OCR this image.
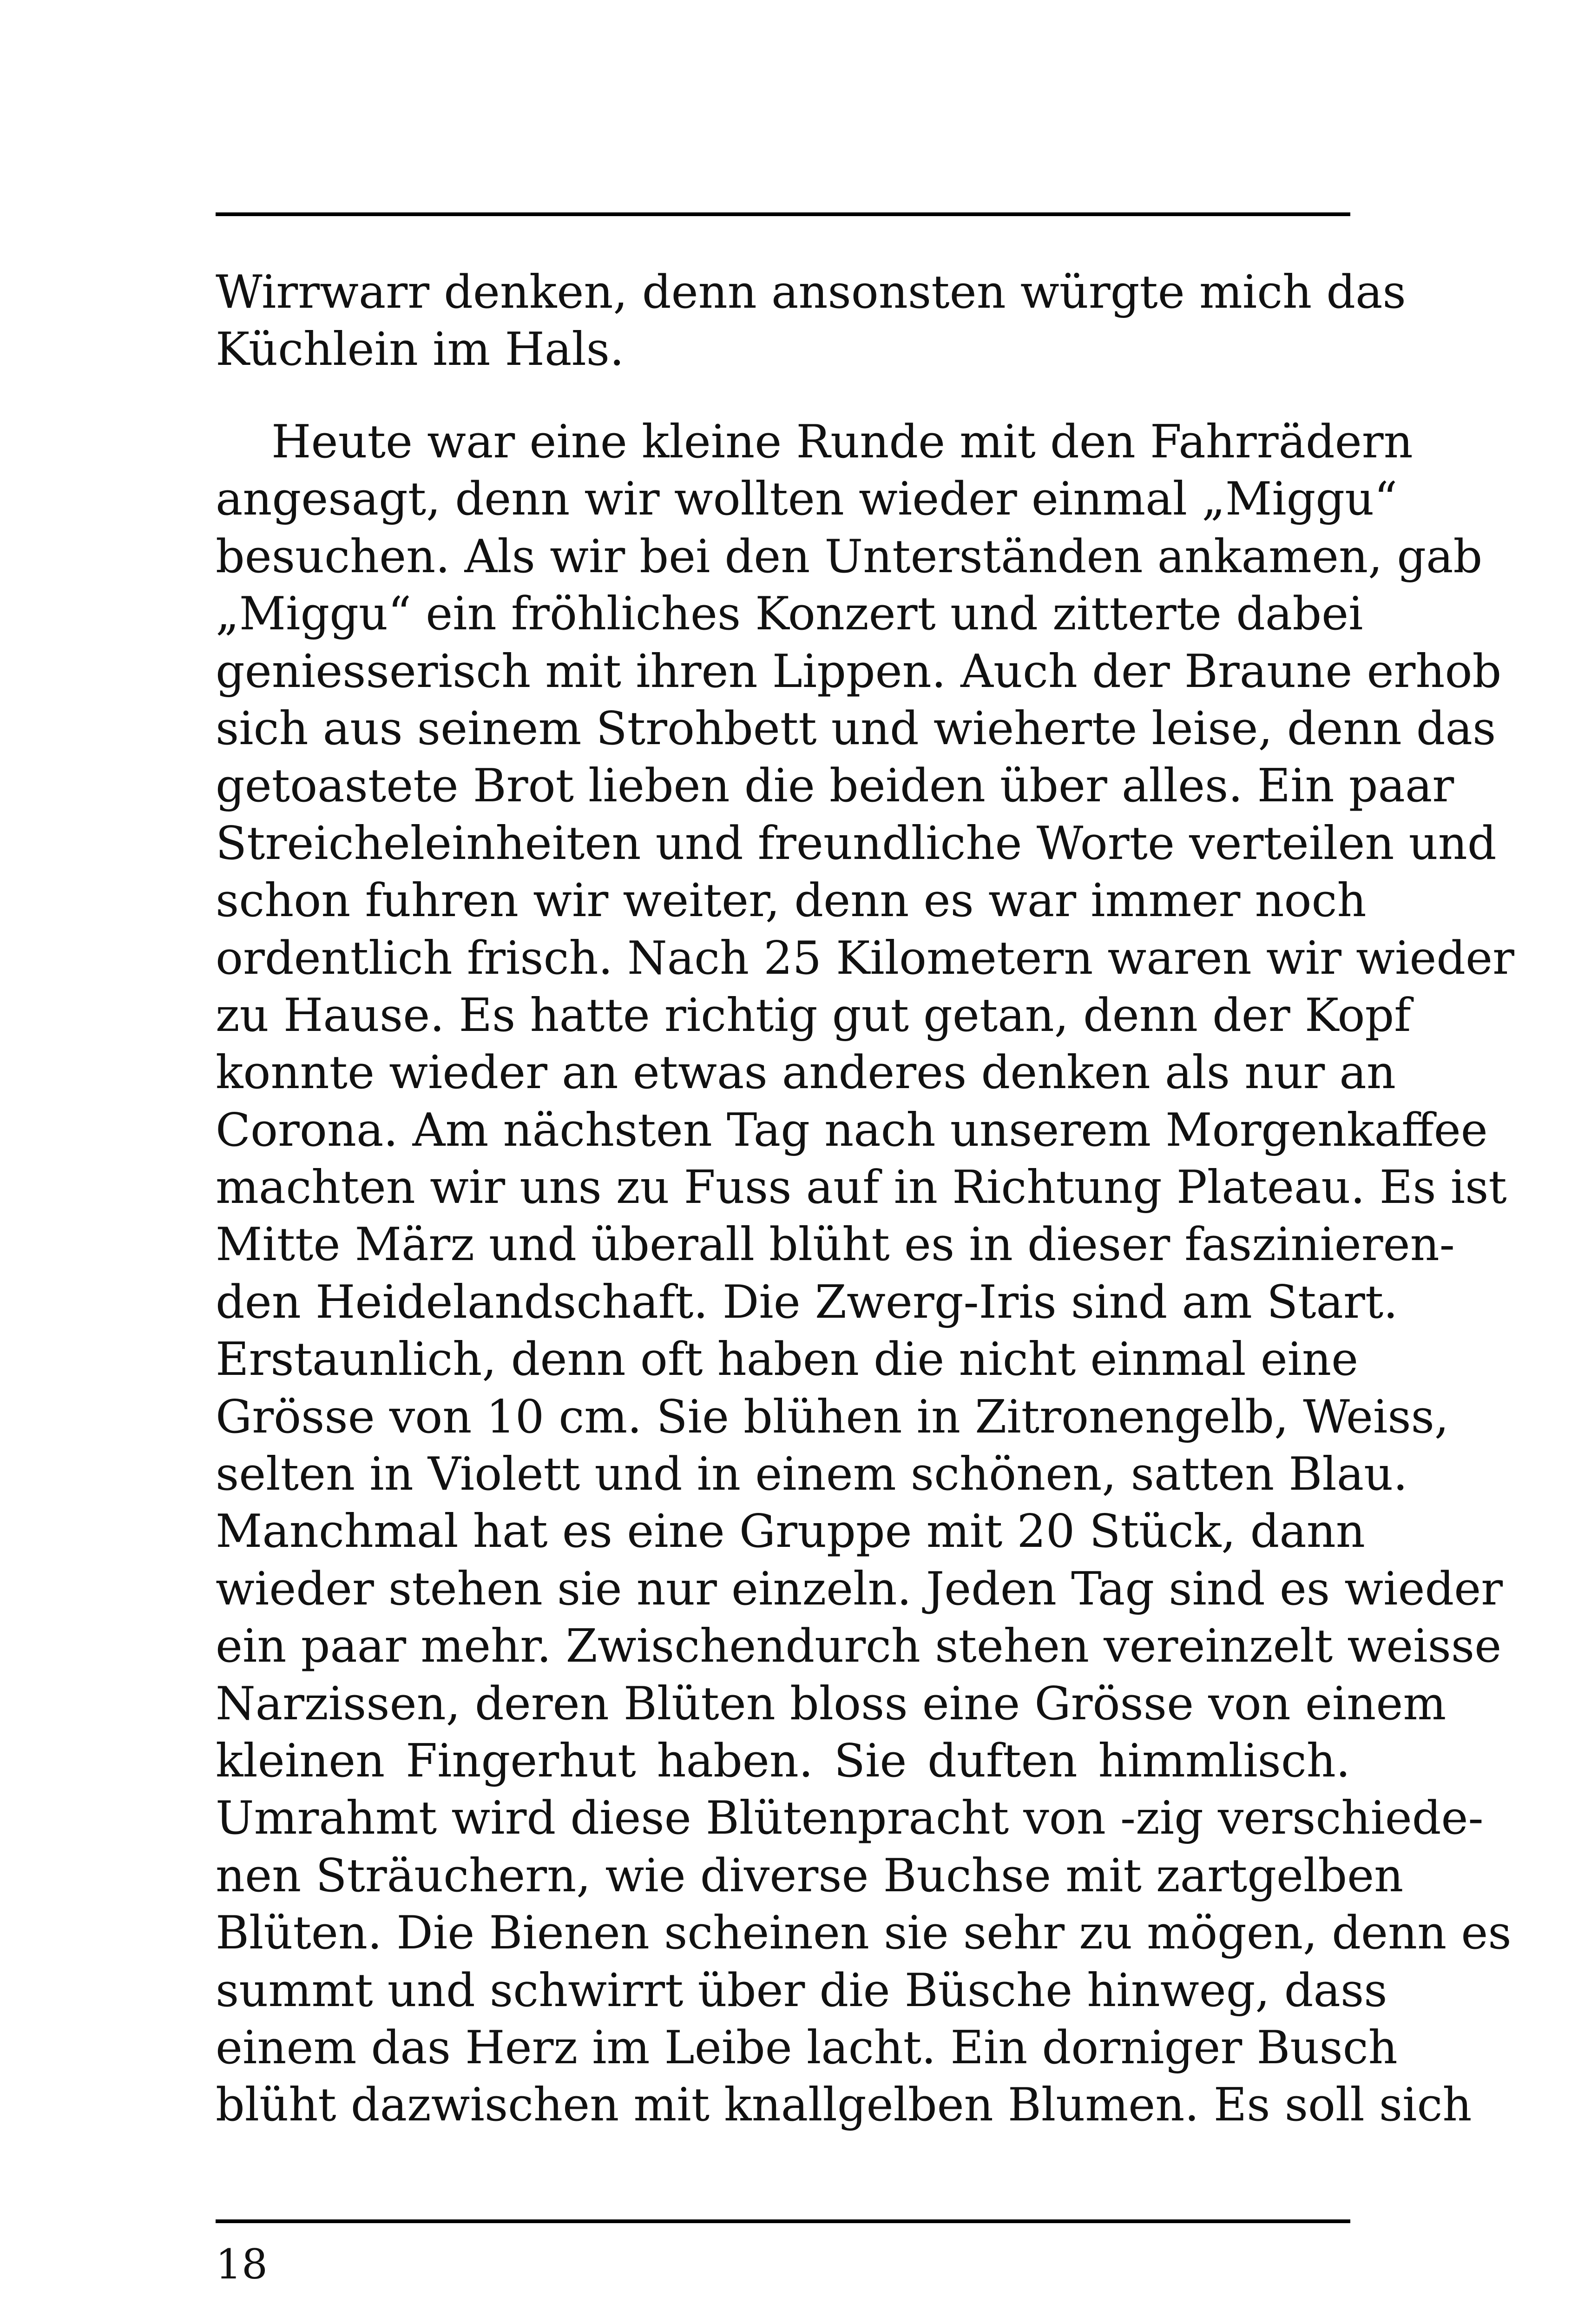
Wirrwarr denken, denn ansonsten würgte mich das
Küchlein im Hals.
Heute war eine kleine Runde mit den Fahrrädern
angesagt, denn wir wollten wieder einmal „Miggu“
besuchen. Als wir bei den Unterständen ankamen, gab
„Miggu“ ein fröhliches Konzert und zitterte dabei
geniesserisch mit ihren Lippen. Auch der Braune erhob
sich aus seinem Strohbett und wieherte leise, denn das
getoastete Brot lieben die beiden über alles. Ein paar
Streicheleinheiten und freundliche Worte verteilen und
schon fuhren wir weiter, denn es war immer noch
ordentlich frisch. Nach 25 Kilometern waren wir wieder
zu Hause. Es hatte richtig gut getan, denn der Kopf
konnte wieder an etwas anderes denken als nur an
Corona. Am nächsten Tag nach unserem Morgenkaffee
machten wir uns zu Fuss auf in Richtung Plateau. Es ist
Mitte März und überall blüht es in dieser faszinieren-
den Heidelandschaft. Die Zwerg-Iris sind am Start.
Erstaunlich, denn oft haben die nicht einmal eine
Grösse von 10 cm. Sie blühen in Zitronengelb, Weiss,
selten in Violett und in einem schönen, satten Blau.
Manchmal hat es eine Gruppe mit 20 Stück, dann
wieder stehen sie nur einzeln. Jeden Tag sind es wieder
ein paar mehr. Zwischendurch stehen vereinzelt weisse
Narzissen, deren Blüten bloss eine Grösse von einem
kleinen Fingerhut haben. Sie duften himmlisch.
Umrahmt wird diese Blütenpracht von -zig verschiede-
nen Sträuchern, wie diverse Buchse mit zartgelben
Blüten. Die Bienen scheinen sie sehr zu mögen, denn es
summt und schwirrt über die Büsche hinweg, dass
einem das Herz im Leibe lacht. Ein dorniger Busch
blüht dazwischen mit knallgelben Blumen. Es soll sich
18
